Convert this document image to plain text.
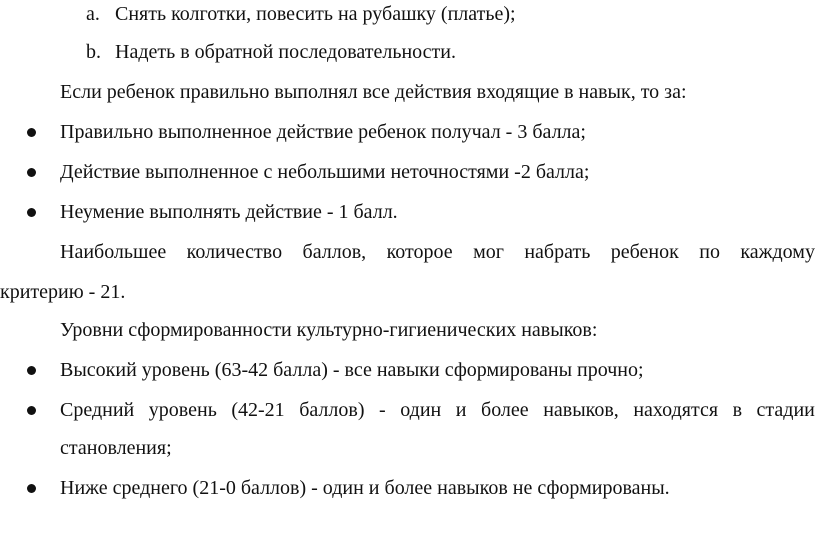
a. Снять колготки, повесить на рубашку (платье);
b. Надеть в обратной последовательности.
Если ребенок правильно выполнял все действия входящие в навык, то за:
Правильно выполненное действие ребенок получал - 3 балла;
Действие выполненное с небольшими неточностями -2 балла;
Неумение выполнять действие - 1 балл.
Наибольшее количество баллов, которое мог набрать ребенок по каждому
критерию - 21.
Уровни сформированности культурно-гигиенических навыков:
Высокий уровень (63-42 балла) - все навыки сформированы прочно;
Средний уровень (42-21 баллов) - один и более навыков, находятся в стадии
становления;
Ниже среднего (21-0 баллов) - один и более навыков не сформированы.
